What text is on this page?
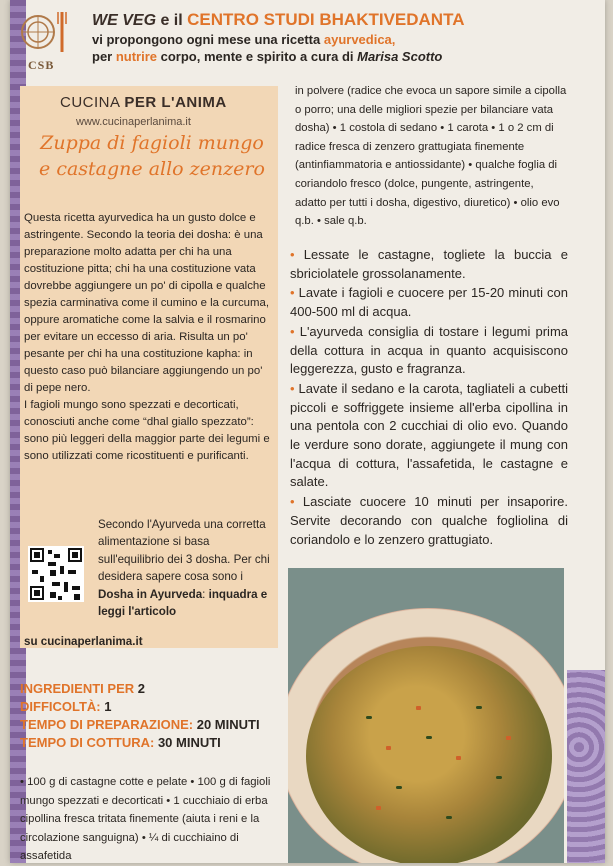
CSB
WE VEG e il CENTRO STUDI BHAKTIVEDANTA
vi propongono ogni mese una ricetta ayurvedica,
per nutrire corpo, mente e spirito a cura di Marisa Scotto
CUCINA PER L'ANIMA
www.cucinaperlanima.it
Zuppa di fagioli mungo
e castagne allo zenzero

Questa ricetta ayurvedica ha un gusto dolce e astringente. Secondo la teoria dei dosha: è una preparazione molto adatta per chi ha una costituzione pitta; chi ha una costituzione vata dovrebbe aggiungere un po' di cipolla e qualche spezia carminativa come il cumino e la curcuma, oppure aromatiche come la salvia e il rosmarino per evitare un eccesso di aria. Risulta un po' pesante per chi ha una costituzione kapha: in questo caso può bilanciare aggiungendo un po' di pepe nero.

I fagioli mungo sono spezzati e decorticati, conosciuti anche come “dhal giallo spezzato”: sono più leggeri della maggior parte dei legumi e sono utilizzati come ricostituenti e purificanti.

Secondo l'Ayurveda una corretta alimentazione si basa sull'equilibrio dei 3 dosha. Per chi desidera sapere cosa sono i Dosha in Ayurveda: inquadra e leggi l'articolo
su cucinaperlanima.it
INGREDIENTI PER 2
DIFFICOLTÀ: 1
TEMPO DI PREPARAZIONE: 20 MINUTI
TEMPO DI COTTURA: 30 MINUTI
• 100 g di castagne cotte e pelate • 100 g di fagioli mungo spezzati e decorticati • 1 cucchiaio di erba cipollina fresca tritata finemente (aiuta i reni e la circolazione sanguigna) • ¼ di cucchiaino di assafetida
in polvere (radice che evoca un sapore simile a cipolla o porro; una delle migliori spezie per bilanciare vata dosha) • 1 costola di sedano • 1 carota • 1 o 2 cm di radice fresca di zenzero grattugiata finemente (antinfiammatoria e antiossidante) • qualche foglia di coriandolo fresco (dolce, pungente, astringente, adatto per tutti i dosha, digestivo, diuretico) • olio evo q.b. • sale q.b.

• Lessate le castagne, togliete la buccia e sbriciolatele grossolanamente.

• Lavate i fagioli e cuocere per 15-20 minuti con 400-500 ml di acqua.

• L'ayurveda consiglia di tostare i legumi prima della cottura in acqua in quanto acquisiscono leggerezza, gusto e fragranza.

• Lavate il sedano e la carota, tagliateli a cubetti piccoli e soffriggete insieme all'erba cipollina in una pentola con 2 cucchiai di olio evo. Quando le verdure sono dorate, aggiungete il mung con l'acqua di cottura, l'assafetida, le castagne e salate.

• Lasciate cuocere 10 minuti per insaporire. Servite decorando con qualche fogliolina di coriandolo e lo zenzero grattugiato.
